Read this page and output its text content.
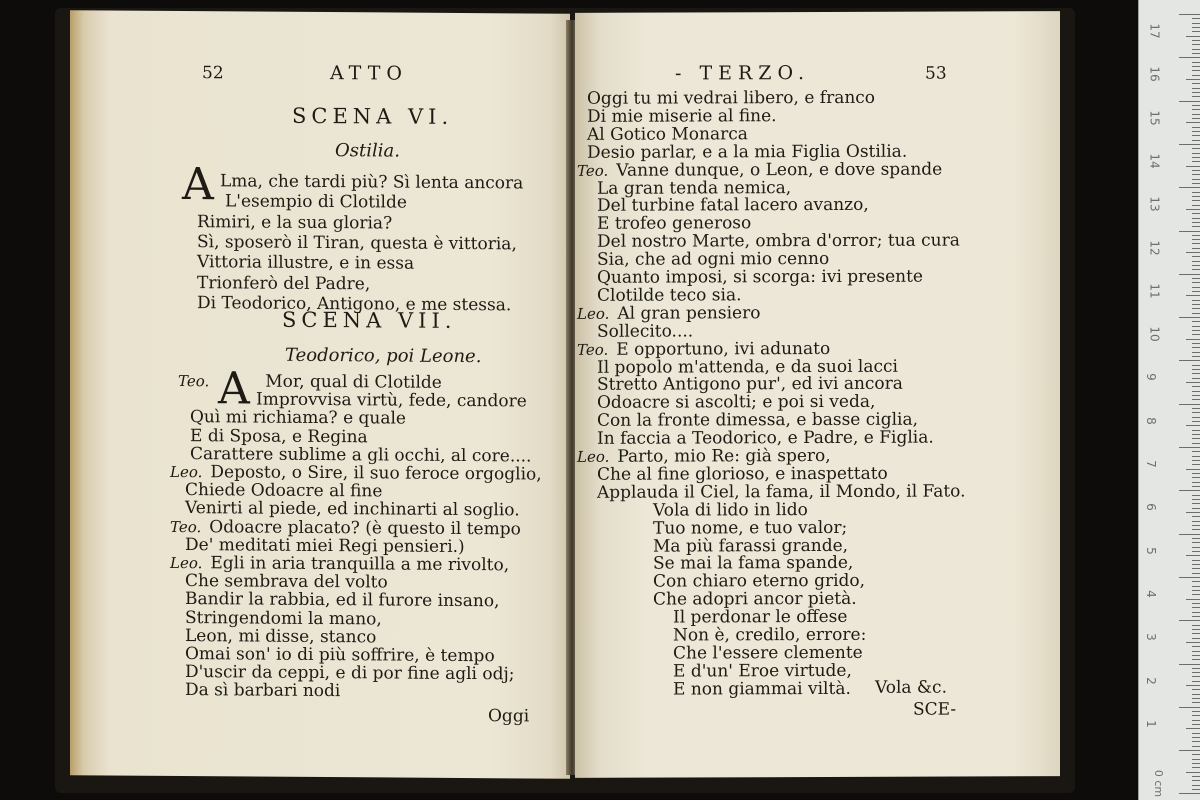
52	ATTO
SCENA VI.
Ostilia.
A Lma, che tardi più? Sì lenta ancora
L'esempio di Clotilde
Rimiri, e la sua gloria?
Sì, sposerò il Tiran, questa è vittoria,
Vittoria illustre, e in essa
Trionferò del Padre,
Di Teodorico, Antigono, e me stessa.
SCENA VII.
Teodorico, poi Leone.
A
Teo.	Mor, qual di Clotilde
Improvvisa virtù, fede, candore
Quì mi richiama? e quale
E di Sposa, e Regina
Carattere sublime a gli occhi, al core....
Leo. Deposto, o Sire, il suo feroce orgoglio,
Chiede Odoacre al fine
Venirti al piede, ed inchinarti al soglio.
Teo. Odoacre placato? (è questo il tempo
De' meditati miei Regi pensieri.)
Leo. Egli in aria tranquilla a me rivolto,
Che sembrava del volto
Bandir la rabbia, ed il furore insano,
Stringendomi la mano,
Leon, mi disse, stanco
Omai son' io di più soffrire, è tempo
D'uscir da ceppi, e di por fine agli odj;
Da sì barbari nodi
Oggi
- TERZO.	53
Oggi tu mi vedrai libero, e franco
Di mie miserie al fine.
Al Gotico Monarca
Desio parlar, e a la mia Figlia Ostilia.
Teo. Vanne dunque, o Leon, e dove spande
La gran tenda nemica,
Del turbine fatal lacero avanzo,
E trofeo generoso
Del nostro Marte, ombra d'orror; tua cura
Sia, che ad ogni mio cenno
Quanto imposi, si scorga: ivi presente
Clotilde teco sia.
Leo. Al gran pensiero
Sollecito....
Teo. E opportuno, ivi adunato
Il popolo m'attenda, e da suoi lacci
Stretto Antigono pur', ed ivi ancora
Odoacre si ascolti; e poi si veda,
Con la fronte dimessa, e basse ciglia,
In faccia a Teodorico, e Padre, e Figlia.
Leo. Parto, mio Re: già spero,
Che al fine glorioso, e inaspettato
Applauda il Ciel, la fama, il Mondo, il Fato.
Vola di lido in lido
Tuo nome, e tuo valor;
Ma più farassi grande,
Se mai la fama spande,
Con chiaro eterno grido,
Che adopri ancor pietà.
Il perdonar le offese
Non è, credilo, errore:
Che l'essere clemente
E d'un' Eroe virtude,
E non giammai viltà. Vola &c.
SCE-
0 cm
17
16
15
14
13
12
11
10
9
8
7
6
5
4
3
2
1
